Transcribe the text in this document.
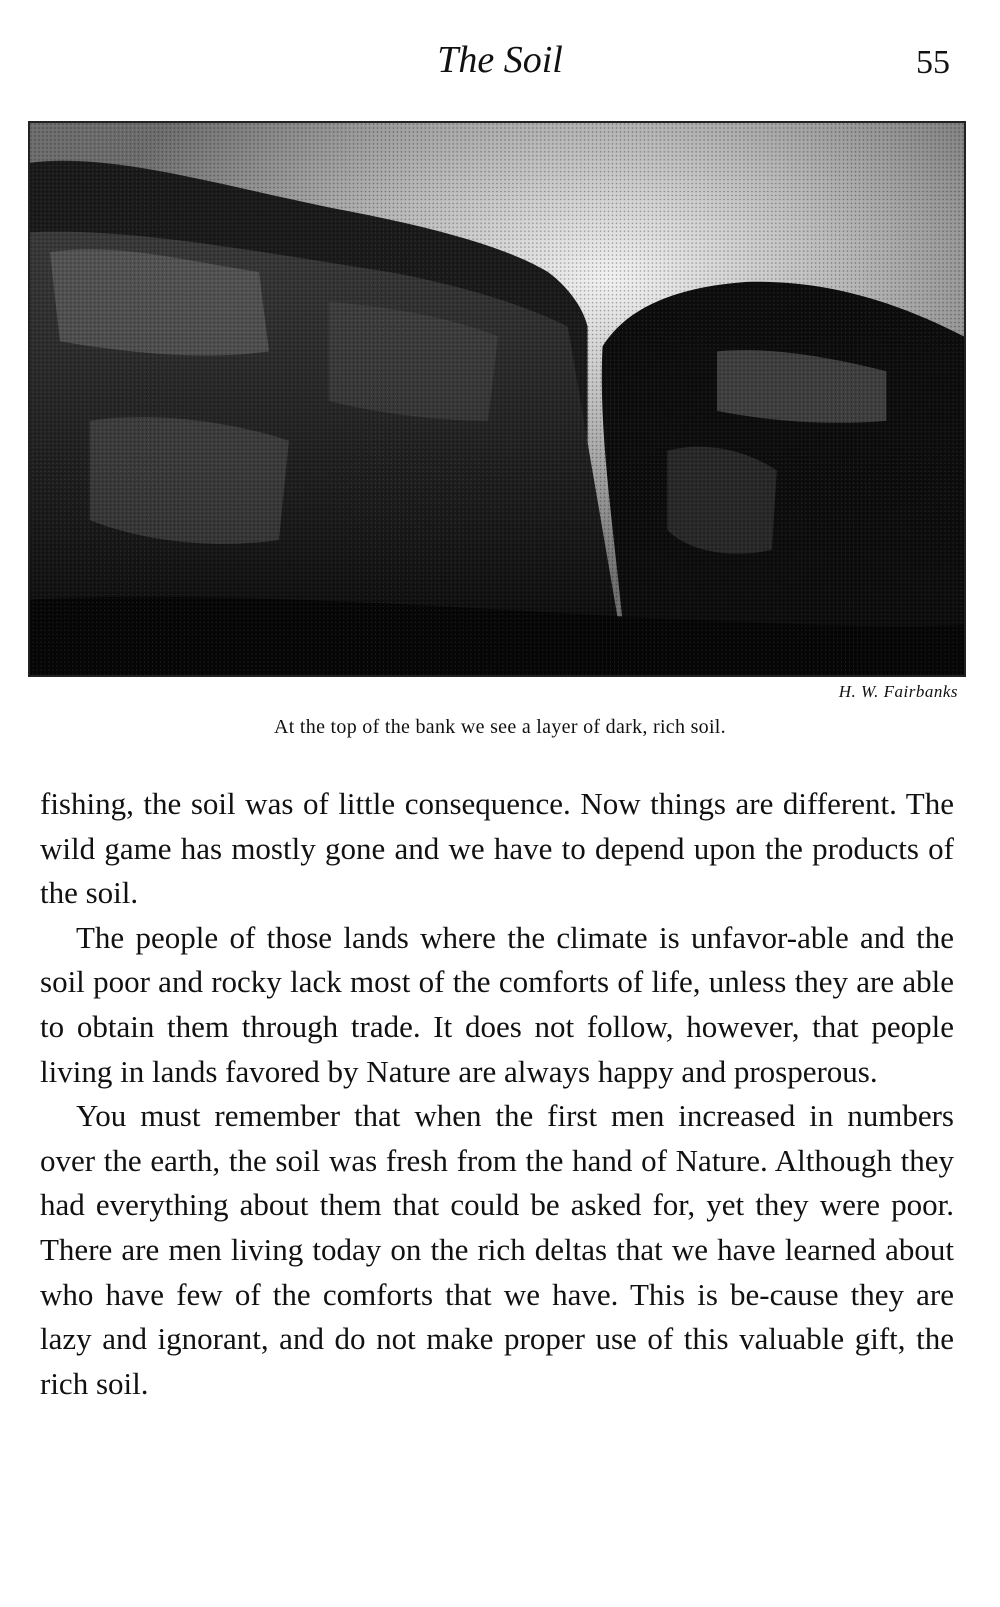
The Soil	55
H. W. Fairbanks
At the top of the bank we see a layer of dark, rich soil.

fishing, the soil was of little consequence. Now things are different. The wild game has mostly gone and we have to depend upon the products of the soil.

The people of those lands where the climate is unfavor-able and the soil poor and rocky lack most of the comforts of life, unless they are able to obtain them through trade. It does not follow, however, that people living in lands favored by Nature are always happy and prosperous.

You must remember that when the first men increased in numbers over the earth, the soil was fresh from the hand of Nature. Although they had everything about them that could be asked for, yet they were poor. There are men living today on the rich deltas that we have learned about who have few of the comforts that we have. This is be-cause they are lazy and ignorant, and do not make proper use of this valuable gift, the rich soil.
